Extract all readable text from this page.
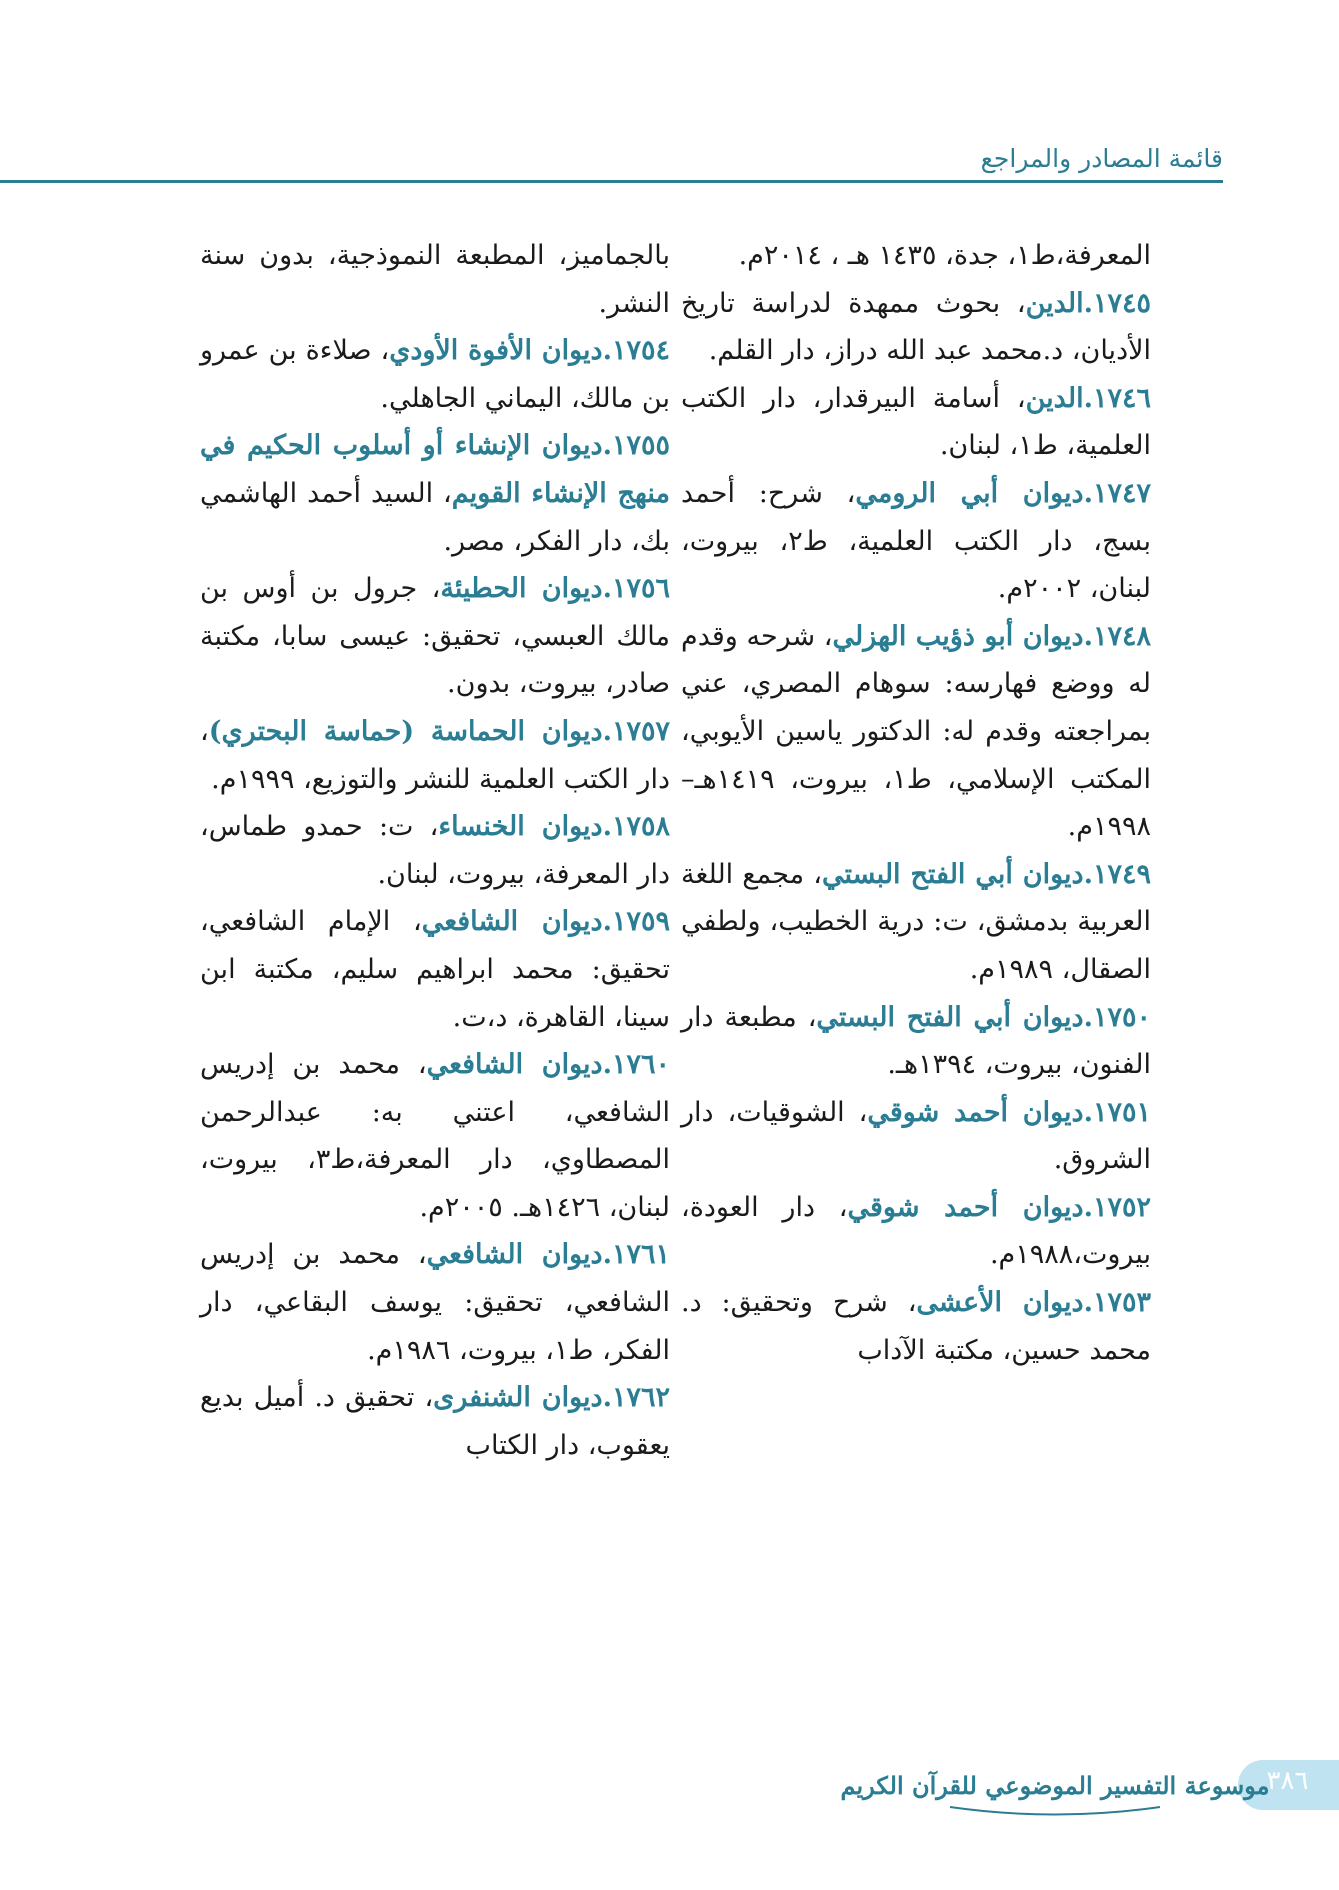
قائمة المصادر والمراجع

المعرفة،ط١، جدة، ١٤٣٥ هـ ، ٢٠١٤م.

١٧٤٥.الدين، بحوث ممهدة لدراسة تاريخ الأديان، د.محمد عبد الله دراز، دار القلم.

١٧٤٦.الدين، أسامة البيرقدار، دار الكتب العلمية، ط١، لبنان.

١٧٤٧.ديوان أبي الرومي، شرح: أحمد بسج، دار الكتب العلمية، ط٢، بيروت، لبنان، ٢٠٠٢م.

١٧٤٨.ديوان أبو ذؤيب الهزلي، شرحه وقدم له ووضع فهارسه: سوهام المصري، عني بمراجعته وقدم له: الدكتور ياسين الأيوبي، المكتب الإسلامي، ط١، بيروت، ١٤١٩هـ– ١٩٩٨م.

١٧٤٩.ديوان أبي الفتح البستي، مجمع اللغة العربية بدمشق، ت: درية الخطيب، ولطفي الصقال، ١٩٨٩م.

١٧٥٠.ديوان أبي الفتح البستي، مطبعة دار الفنون، بيروت، ١٣٩٤هـ.

١٧٥١.ديوان أحمد شوقي، الشوقيات، دار الشروق.

١٧٥٢.ديوان أحمد شوقي، دار العودة، بيروت،١٩٨٨م.

١٧٥٣.ديوان الأعشى، شرح وتحقيق: د. محمد حسين، مكتبة الآداب

بالجماميز، المطبعة النموذجية، بدون سنة النشر.

١٧٥٤.ديوان الأفوة الأودي، صلاءة بن عمرو بن مالك، اليماني الجاهلي.

١٧٥٥.ديوان الإنشاء أو أسلوب الحكيم في منهج الإنشاء القويم، السيد أحمد الهاشمي بك، دار الفكر، مصر.

١٧٥٦.ديوان الحطيئة، جرول بن أوس بن مالك العبسي، تحقيق: عيسى سابا، مكتبة صادر، بيروت، بدون.

١٧٥٧.ديوان الحماسة (حماسة البحتري)، دار الكتب العلمية للنشر والتوزيع، ١٩٩٩م.

١٧٥٨.ديوان الخنساء، ت: حمدو طماس، دار المعرفة، بيروت، لبنان.

١٧٥٩.ديوان الشافعي، الإمام الشافعي، تحقيق: محمد ابراهيم سليم، مكتبة ابن سينا، القاهرة، د،ت.

١٧٦٠.ديوان الشافعي، محمد بن إدريس الشافعي، اعتني به: عبدالرحمن المصطاوي، دار المعرفة،ط٣، بيروت، لبنان، ١٤٢٦هـ. ٢٠٠٥م.

١٧٦١.ديوان الشافعي، محمد بن إدريس الشافعي، تحقيق: يوسف البقاعي، دار الفكر، ط١، بيروت، ١٩٨٦م.

١٧٦٢.ديوان الشنفرى، تحقيق د. أميل بديع يعقوب، دار الكتاب

٣٨٦
موسوعة التفسير الموضوعي للقرآن الكريم
